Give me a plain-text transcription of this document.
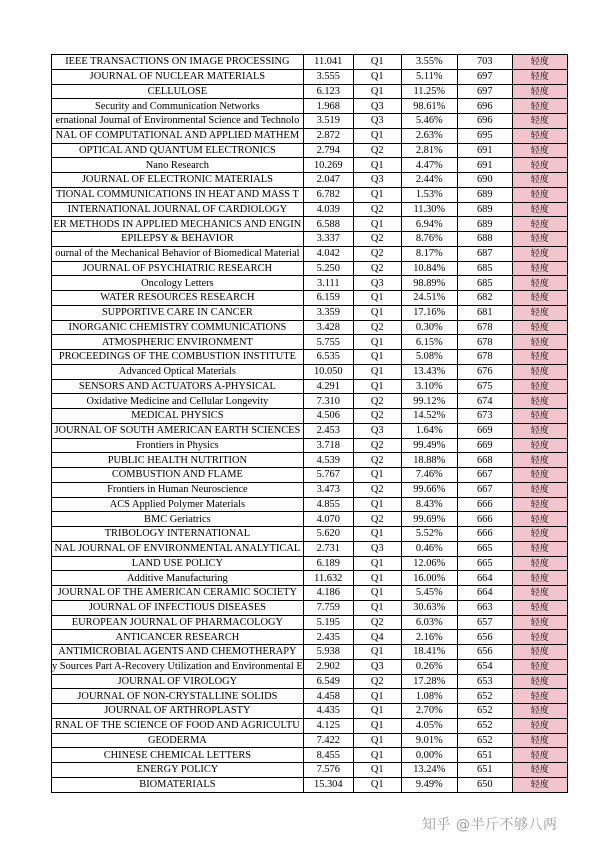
IEEE TRANSACTIONS ON IMAGE PROCESSING	11.041	Q1	3.55%	703	轻度
JOURNAL OF NUCLEAR MATERIALS	3.555	Q1	5.11%	697	轻度
CELLULOSE	6.123	Q1	11.25%	697	轻度
Security and Communication Networks	1.968	Q3	98.61%	696	轻度
ernational Journal of Environmental Science and Technolo	3.519	Q3	5.46%	696	轻度
NAL OF COMPUTATIONAL AND APPLIED MATHEM	2.872	Q1	2.63%	695	轻度
OPTICAL AND QUANTUM ELECTRONICS	2.794	Q2	2.81%	691	轻度
Nano Research	10.269	Q1	4.47%	691	轻度
JOURNAL OF ELECTRONIC MATERIALS	2.047	Q3	2.44%	690	轻度
TIONAL COMMUNICATIONS IN HEAT AND MASS T	6.782	Q1	1.53%	689	轻度
INTERNATIONAL JOURNAL OF CARDIOLOGY	4.039	Q2	11.30%	689	轻度
ER METHODS IN APPLIED MECHANICS AND ENGIN	6.588	Q1	6.94%	689	轻度
EPILEPSY & BEHAVIOR	3.337	Q2	8.76%	688	轻度
ournal of the Mechanical Behavior of Biomedical Material	4.042	Q2	8.17%	687	轻度
JOURNAL OF PSYCHIATRIC RESEARCH	5.250	Q2	10.84%	685	轻度
Oncology Letters	3.111	Q3	98.89%	685	轻度
WATER RESOURCES RESEARCH	6.159	Q1	24.51%	682	轻度
SUPPORTIVE CARE IN CANCER	3.359	Q1	17.16%	681	轻度
INORGANIC CHEMISTRY COMMUNICATIONS	3.428	Q2	0.30%	678	轻度
ATMOSPHERIC ENVIRONMENT	5.755	Q1	6.15%	678	轻度
PROCEEDINGS OF THE COMBUSTION INSTITUTE	6.535	Q1	5.08%	678	轻度
Advanced Optical Materials	10.050	Q1	13.43%	676	轻度
SENSORS AND ACTUATORS A-PHYSICAL	4.291	Q1	3.10%	675	轻度
Oxidative Medicine and Cellular Longevity	7.310	Q2	99.12%	674	轻度
MEDICAL PHYSICS	4.506	Q2	14.52%	673	轻度
JOURNAL OF SOUTH AMERICAN EARTH SCIENCES	2.453	Q3	1.64%	669	轻度
Frontiers in Physics	3.718	Q2	99.49%	669	轻度
PUBLIC HEALTH NUTRITION	4.539	Q2	18.88%	668	轻度
COMBUSTION AND FLAME	5.767	Q1	7.46%	667	轻度
Frontiers in Human Neuroscience	3.473	Q2	99.66%	667	轻度
ACS Applied Polymer Materials	4.855	Q1	8.43%	666	轻度
BMC Geriatrics	4.070	Q2	99.69%	666	轻度
TRIBOLOGY INTERNATIONAL	5.620	Q1	5.52%	666	轻度
NAL JOURNAL OF ENVIRONMENTAL ANALYTICAL	2.731	Q3	0.46%	665	轻度
LAND USE POLICY	6.189	Q1	12.06%	665	轻度
Additive Manufacturing	11.632	Q1	16.00%	664	轻度
JOURNAL OF THE AMERICAN CERAMIC SOCIETY	4.186	Q1	5.45%	664	轻度
JOURNAL OF INFECTIOUS DISEASES	7.759	Q1	30.63%	663	轻度
EUROPEAN JOURNAL OF PHARMACOLOGY	5.195	Q2	6.03%	657	轻度
ANTICANCER RESEARCH	2.435	Q4	2.16%	656	轻度
ANTIMICROBIAL AGENTS AND CHEMOTHERAPY	5.938	Q1	18.41%	656	轻度
y Sources Part A-Recovery Utilization and Environmental E	2.902	Q3	0.26%	654	轻度
JOURNAL OF VIROLOGY	6.549	Q2	17.28%	653	轻度
JOURNAL OF NON-CRYSTALLINE SOLIDS	4.458	Q1	1.08%	652	轻度
JOURNAL OF ARTHROPLASTY	4.435	Q1	2.70%	652	轻度
RNAL OF THE SCIENCE OF FOOD AND AGRICULTU	4.125	Q1	4.05%	652	轻度
GEODERMA	7.422	Q1	9.01%	652	轻度
CHINESE CHEMICAL LETTERS	8.455	Q1	0.00%	651	轻度
ENERGY POLICY	7.576	Q1	13.24%	651	轻度
BIOMATERIALS	15.304	Q1	9.49%	650	轻度
知乎 @半斤不够八两
